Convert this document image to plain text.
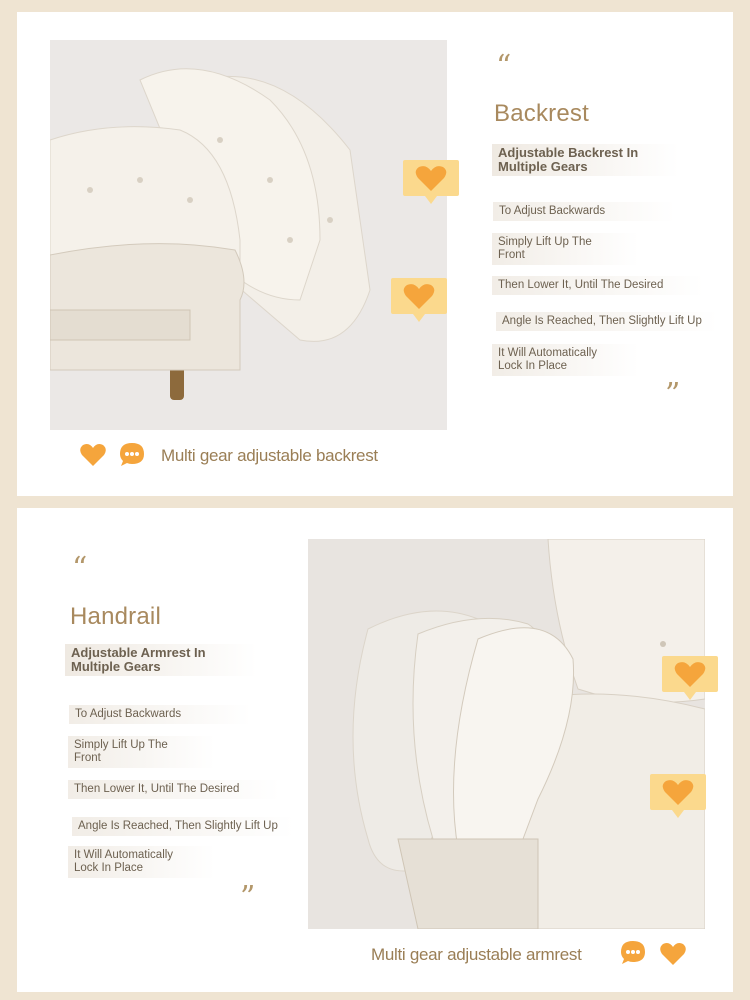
“
Backrest
Adjustable Backrest In
Multiple Gears

To Adjust Backwards

Simply Lift Up The
Front

Then Lower It, Until The Desired

Angle Is Reached, Then Slightly Lift Up

It Will Automatically
Lock In Place
”
Multi gear adjustable backrest
“
Handrail
Adjustable Armrest In
Multiple Gears

To Adjust Backwards

Simply Lift Up The
Front

Then Lower It, Until The Desired

Angle Is Reached, Then Slightly Lift Up

It Will Automatically
Lock In Place
”
Multi gear adjustable armrest
